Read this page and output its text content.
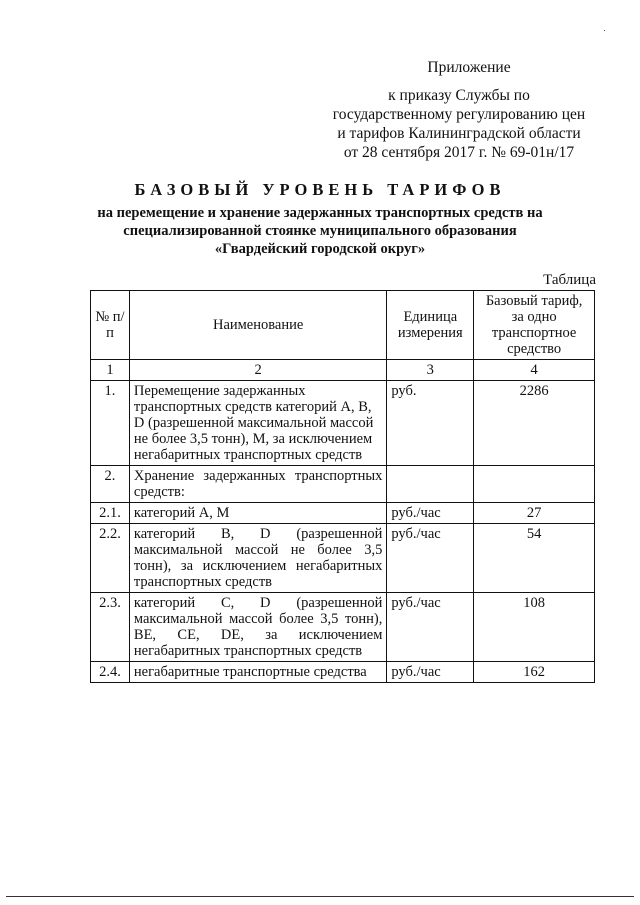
Приложение
к приказу Службы по
государственному регулированию цен
и тарифов Калининградской области
от 28 сентября 2017 г. № 69-01н/17
БАЗОВЫЙ УРОВЕНЬ ТАРИФОВ
на перемещение и хранение задержанных транспортных средств на
специализированной стоянке муниципального образования
«Гвардейский городской округ»
Таблица
№ п/п	Наименование	Единица измерения	Базовый тариф, за одно транспортное средство
1	2	3	4
1.	Перемещение задержанных транспортных средств категорий A, B, D (разрешенной максимальной массой не более 3,5 тонн), M, за исключением негабаритных транспортных средств	руб.	2286
2.	Хранение задержанных транспортных средств:		
2.1.	категорий A, M	руб./час	27
2.2.	категорий B, D (разрешенной максимальной массой не более 3,5 тонн), за исключением негабаритных транспортных средств	руб./час	54
2.3.	категорий C, D (разрешенной максимальной массой более 3,5 тонн), BE, CE, DE, за исключением негабаритных транспортных средств	руб./час	108
2.4.	негабаритные транспортные средства	руб./час	162
